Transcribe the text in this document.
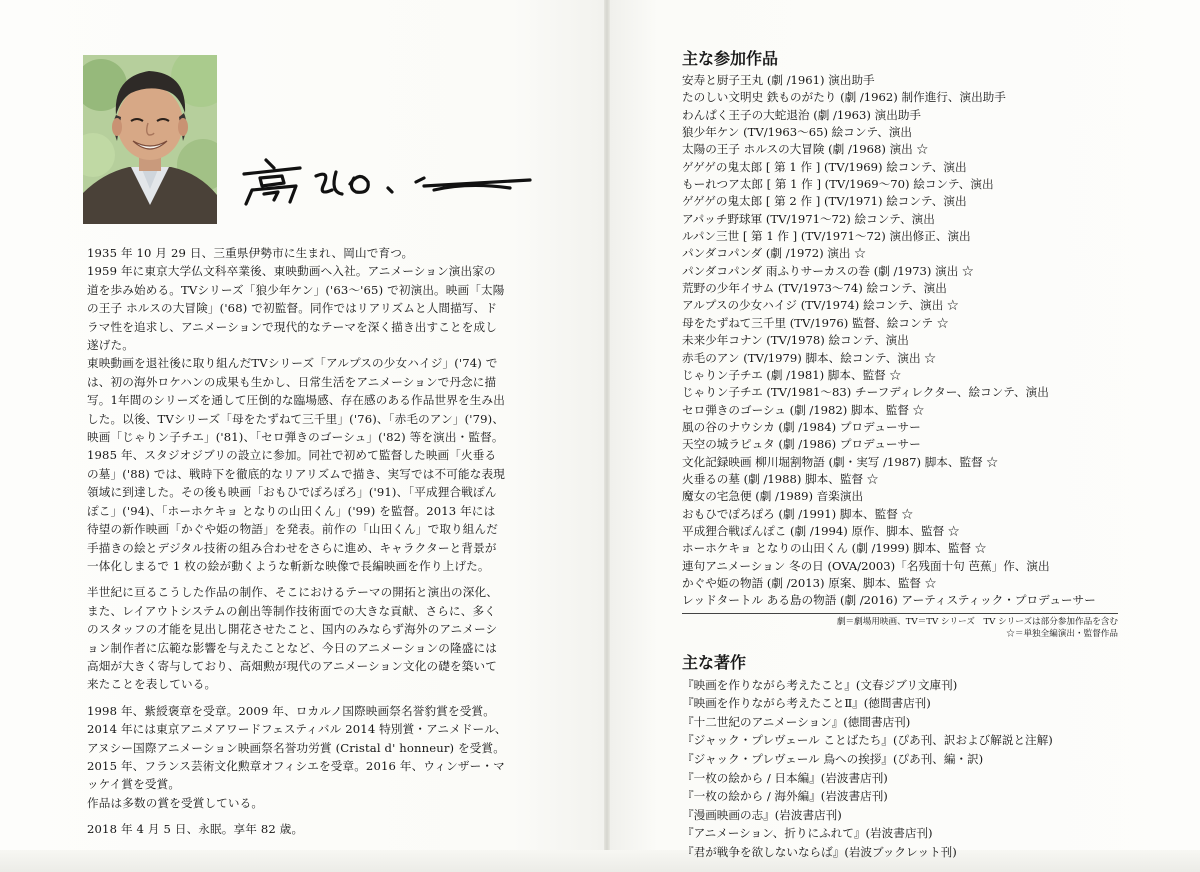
1935 年 10 月 29 日、三重県伊勢市に生まれ、岡山で育つ。

1959 年に東京大学仏文科卒業後、東映動画へ入社。アニメーション演出家の道を歩み始める。TVシリーズ「狼少年ケン」('63～'65) で初演出。映画「太陽の王子 ホルスの大冒険」('68) で初監督。同作ではリアリズムと人間描写、ドラマ性を追求し、アニメーションで現代的なテーマを深く描き出すことを成し遂げた。

東映動画を退社後に取り組んだTVシリーズ「アルプスの少女ハイジ」('74) では、初の海外ロケハンの成果も生かし、日常生活をアニメーションで丹念に描写。1年間のシリーズを通して圧倒的な臨場感、存在感のある作品世界を生み出した。以後、TVシリーズ「母をたずねて三千里」('76)、「赤毛のアン」('79)、映画「じゃりン子チエ」('81)、「セロ弾きのゴーシュ」('82) 等を演出・監督。

1985 年、スタジオジブリの設立に参加。同社で初めて監督した映画「火垂るの墓」('88) では、戦時下を徹底的なリアリズムで描き、実写では不可能な表現領域に到達した。その後も映画「おもひでぽろぽろ」('91)、「平成狸合戦ぽんぽこ」('94)、「ホーホケキョ となりの山田くん」('99) を監督。2013 年には待望の新作映画「かぐや姫の物語」を発表。前作の「山田くん」で取り組んだ手描きの絵とデジタル技術の組み合わせをさらに進め、キャラクターと背景が一体化しまるで 1 枚の絵が動くような斬新な映像で長編映画を作り上げた。

半世紀に亘るこうした作品の制作、そこにおけるテーマの開拓と演出の深化、また、レイアウトシステムの創出等制作技術面での大きな貢献、さらに、多くのスタッフの才能を見出し開花させたこと、国内のみならず海外のアニメーション制作者に広範な影響を与えたことなど、今日のアニメーションの隆盛には高畑が大きく寄与しており、高畑勲が現代のアニメーション文化の礎を築いて来たことを表している。

1998 年、紫綬褒章を受章。2009 年、ロカルノ国際映画祭名誉豹賞を受賞。

2014 年には東京アニメアワードフェスティバル 2014 特別賞・アニメドール、アヌシー国際アニメーション映画祭名誉功労賞 (Cristal d' honneur) を受賞。2015 年、フランス芸術文化勲章オフィシエを受章。2016 年、ウィンザー・マッケイ賞を受賞。

作品は多数の賞を受賞している。

2018 年 4 月 5 日、永眠。享年 82 歳。

主な参加作品
安寿と厨子王丸 (劇 /1961) 演出助手
たのしい文明史 鉄ものがたり (劇 /1962) 制作進行、演出助手
わんぱく王子の大蛇退治 (劇 /1963) 演出助手
狼少年ケン (TV/1963～65) 絵コンテ、演出
太陽の王子 ホルスの大冒険 (劇 /1968) 演出 ☆
ゲゲゲの鬼太郎 [ 第 1 作 ] (TV/1969) 絵コンテ、演出
もーれつア太郎 [ 第 1 作 ] (TV/1969～70) 絵コンテ、演出
ゲゲゲの鬼太郎 [ 第 2 作 ] (TV/1971) 絵コンテ、演出
アパッチ野球軍 (TV/1971～72) 絵コンテ、演出
ルパン三世 [ 第 1 作 ] (TV/1971～72) 演出修正、演出
パンダコパンダ (劇 /1972) 演出 ☆
パンダコパンダ 雨ふりサーカスの巻 (劇 /1973) 演出 ☆
荒野の少年イサム (TV/1973～74) 絵コンテ、演出
アルプスの少女ハイジ (TV/1974) 絵コンテ、演出 ☆
母をたずねて三千里 (TV/1976) 監督、絵コンテ ☆
未来少年コナン (TV/1978) 絵コンテ、演出
赤毛のアン (TV/1979) 脚本、絵コンテ、演出 ☆
じゃりン子チエ (劇 /1981) 脚本、監督 ☆
じゃりン子チエ (TV/1981～83) チーフディレクター、絵コンテ、演出
セロ弾きのゴーシュ (劇 /1982) 脚本、監督 ☆
風の谷のナウシカ (劇 /1984) プロデューサー
天空の城ラピュタ (劇 /1986) プロデューサー
文化記録映画 柳川堀割物語 (劇・実写 /1987) 脚本、監督 ☆
火垂るの墓 (劇 /1988) 脚本、監督 ☆
魔女の宅急便 (劇 /1989) 音楽演出
おもひでぽろぽろ (劇 /1991) 脚本、監督 ☆
平成狸合戦ぽんぽこ (劇 /1994) 原作、脚本、監督 ☆
ホーホケキョ となりの山田くん (劇 /1999) 脚本、監督 ☆
連句アニメーション 冬の日 (OVA/2003)「名残面十句 芭蕉」作、演出
かぐや姫の物語 (劇 /2013) 原案、脚本、監督 ☆
レッドタートル ある島の物語 (劇 /2016) アーティスティック・プロデューサー
劇＝劇場用映画、TV＝TV シリーズ　TV シリーズは部分参加作品を含む
☆＝単独全編演出・監督作品
主な著作
『映画を作りながら考えたこと』(文春ジブリ文庫刊)
『映画を作りながら考えたことⅡ』(徳間書店刊)
『十二世紀のアニメーション』(徳間書店刊)
『ジャック・プレヴェール ことばたち』(ぴあ刊、訳および解説と注解)
『ジャック・プレヴェール 鳥への挨拶』(ぴあ刊、編・訳)
『一枚の絵から / 日本編』(岩波書店刊)
『一枚の絵から / 海外編』(岩波書店刊)
『漫画映画の志』(岩波書店刊)
『アニメーション、折りにふれて』(岩波書店刊)
『君が戦争を欲しないならば』(岩波ブックレット刊)
